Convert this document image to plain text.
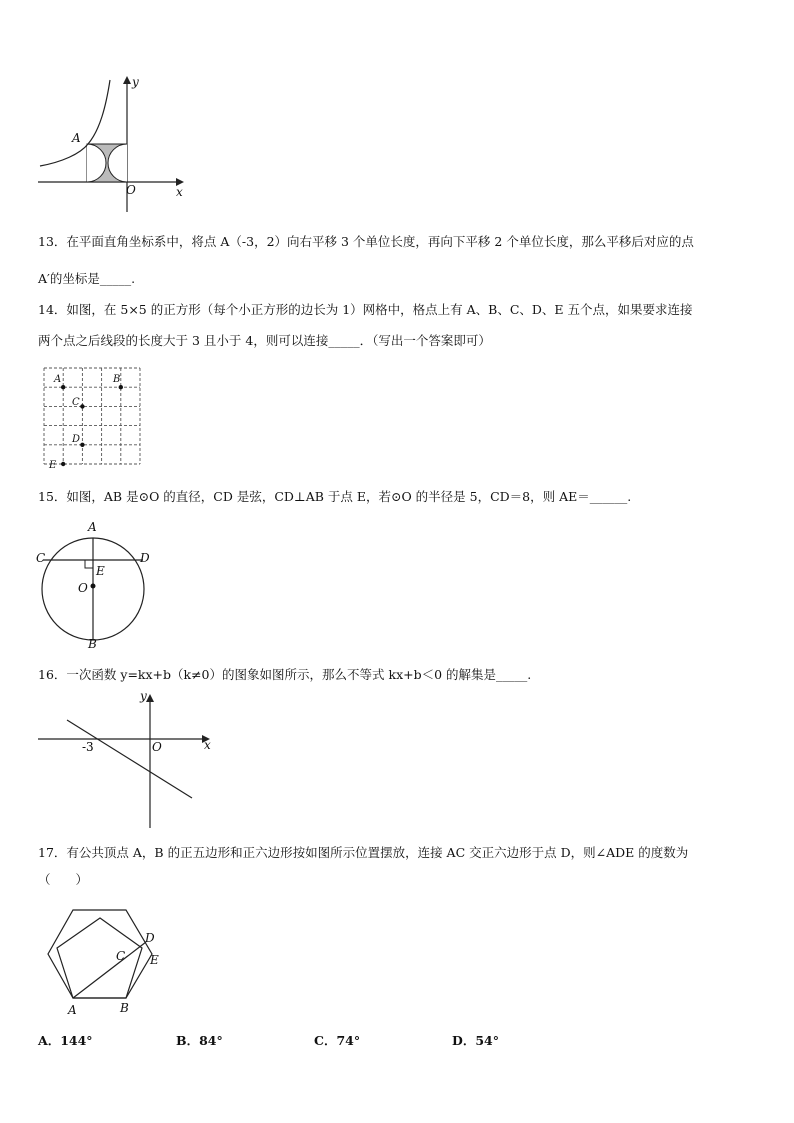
y
x
O
A
13．在平面直角坐标系中，将点 A（-3，2）向右平移 3 个单位长度，再向下平移 2 个单位长度，那么平移后对应的点
A′的坐标是_____.
14．如图，在 5×5 的正方形（每个小正方形的边长为 1）网格中，格点上有 A、B、C、D、E 五个点，如果要求连接
两个点之后线段的长度大于 3 且小于 4，则可以连接_____．（写出一个答案即可）
A	B
C
D
E
15．如图，AB 是⊙O 的直径，CD 是弦，CD⊥AB 于点 E，若⊙O 的半径是 5，CD＝8，则 AE＝______.
A
C	D
E
O
B
16．一次函数 y=kx+b（k≠0）的图象如图所示，那么不等式 kx+b＜0 的解集是_____.
y
x
O
-3
17．有公共顶点 A，B 的正五边形和正六边形按如图所示位置摆放，连接 AC 交正六边形于点 D，则∠ADE 的度数为
（　　）
A	B
C
D
E
A．144°	B．84°	C．74°	D．54°
